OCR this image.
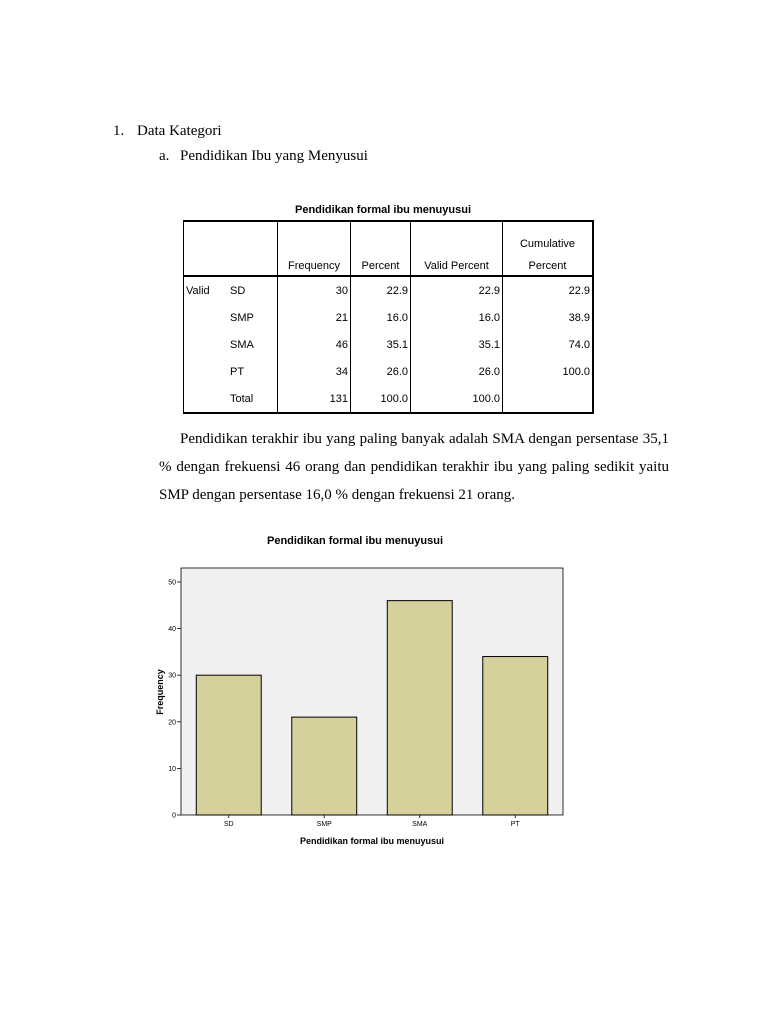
1. Data Kategori
a. Pendidikan Ibu yang Menyusui
Pendidikan formal ibu menuyusui
		Frequency	Percent	Valid Percent	Cumulative
Percent

Valid	SD	30	22.9	22.9	22.9
	SMP	21	16.0	16.0	38.9
	SMA	46	35.1	35.1	74.0
	PT	34	26.0	26.0	100.0
	Total	131	100.0	100.0	
Pendidikan terakhir ibu yang paling banyak adalah SMA dengan persentase 35,1 % dengan frekuensi 46 orang dan pendidikan terakhir ibu yang paling sedikit yaitu SMP dengan persentase 16,0 % dengan frekuensi 21 orang.
Pendidikan formal ibu menuyusui
0
10
20
30
40
50
SD	SMP	SMA	PT
Pendidikan formal ibu menuyusui
Frequency
